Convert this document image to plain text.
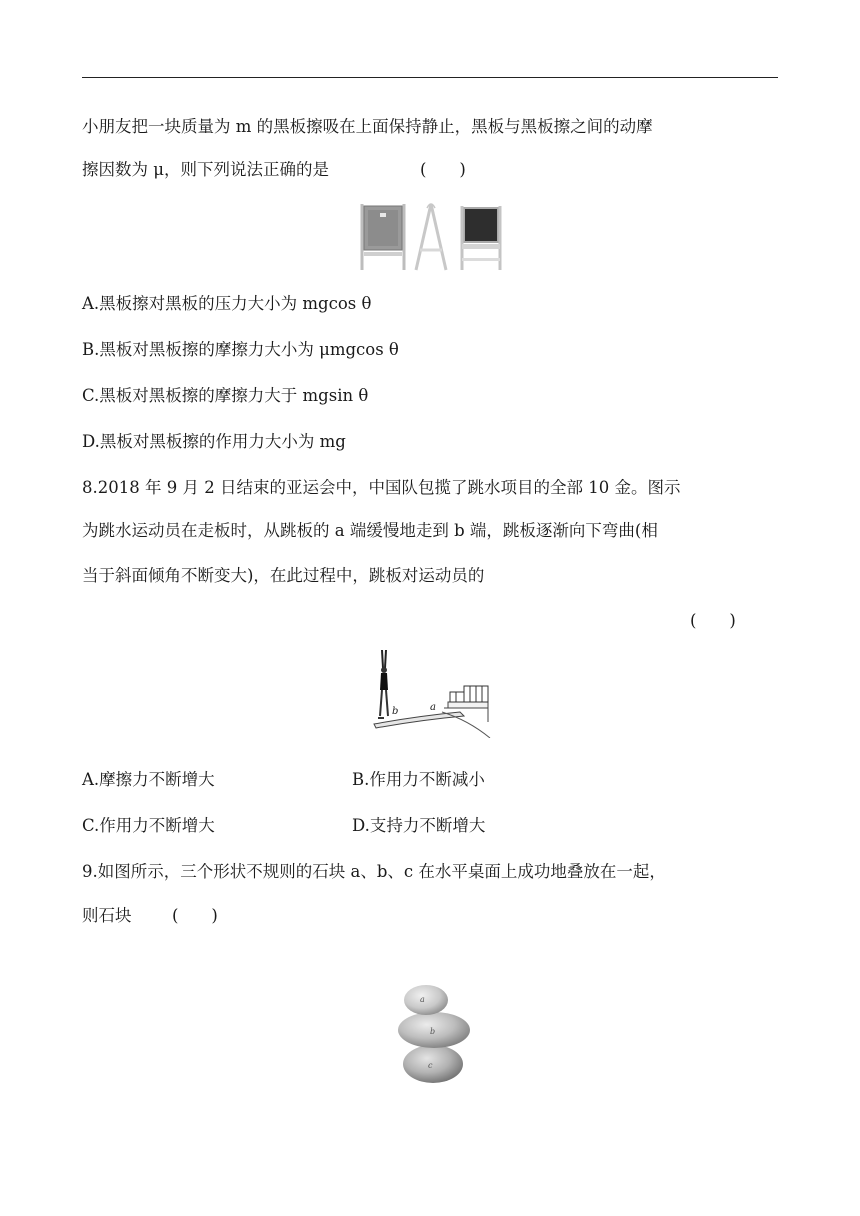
小朋友把一块质量为 m 的黑板擦吸在上面保持静止，黑板与黑板擦之间的动摩
擦因数为 μ，则下列说法正确的是	(　　)
A.黑板擦对黑板的压力大小为 mgcos θ
B.黑板对黑板擦的摩擦力大小为 μmgcos θ
C.黑板对黑板擦的摩擦力大于 mgsin θ
D.黑板对黑板擦的作用力大小为 mg
8.2018 年 9 月 2 日结束的亚运会中，中国队包揽了跳水项目的全部 10 金。图示
为跳水运动员在走板时，从跳板的 a 端缓慢地走到 b 端，跳板逐渐向下弯曲(相
当于斜面倾角不断变大)，在此过程中，跳板对运动员的
(　　)
b	a
A.摩擦力不断增大	B.作用力不断减小
C.作用力不断增大	D.支持力不断增大
9.如图所示，三个形状不规则的石块 a、b、c 在水平桌面上成功地叠放在一起，
则石块 (　　)
a
b
c
